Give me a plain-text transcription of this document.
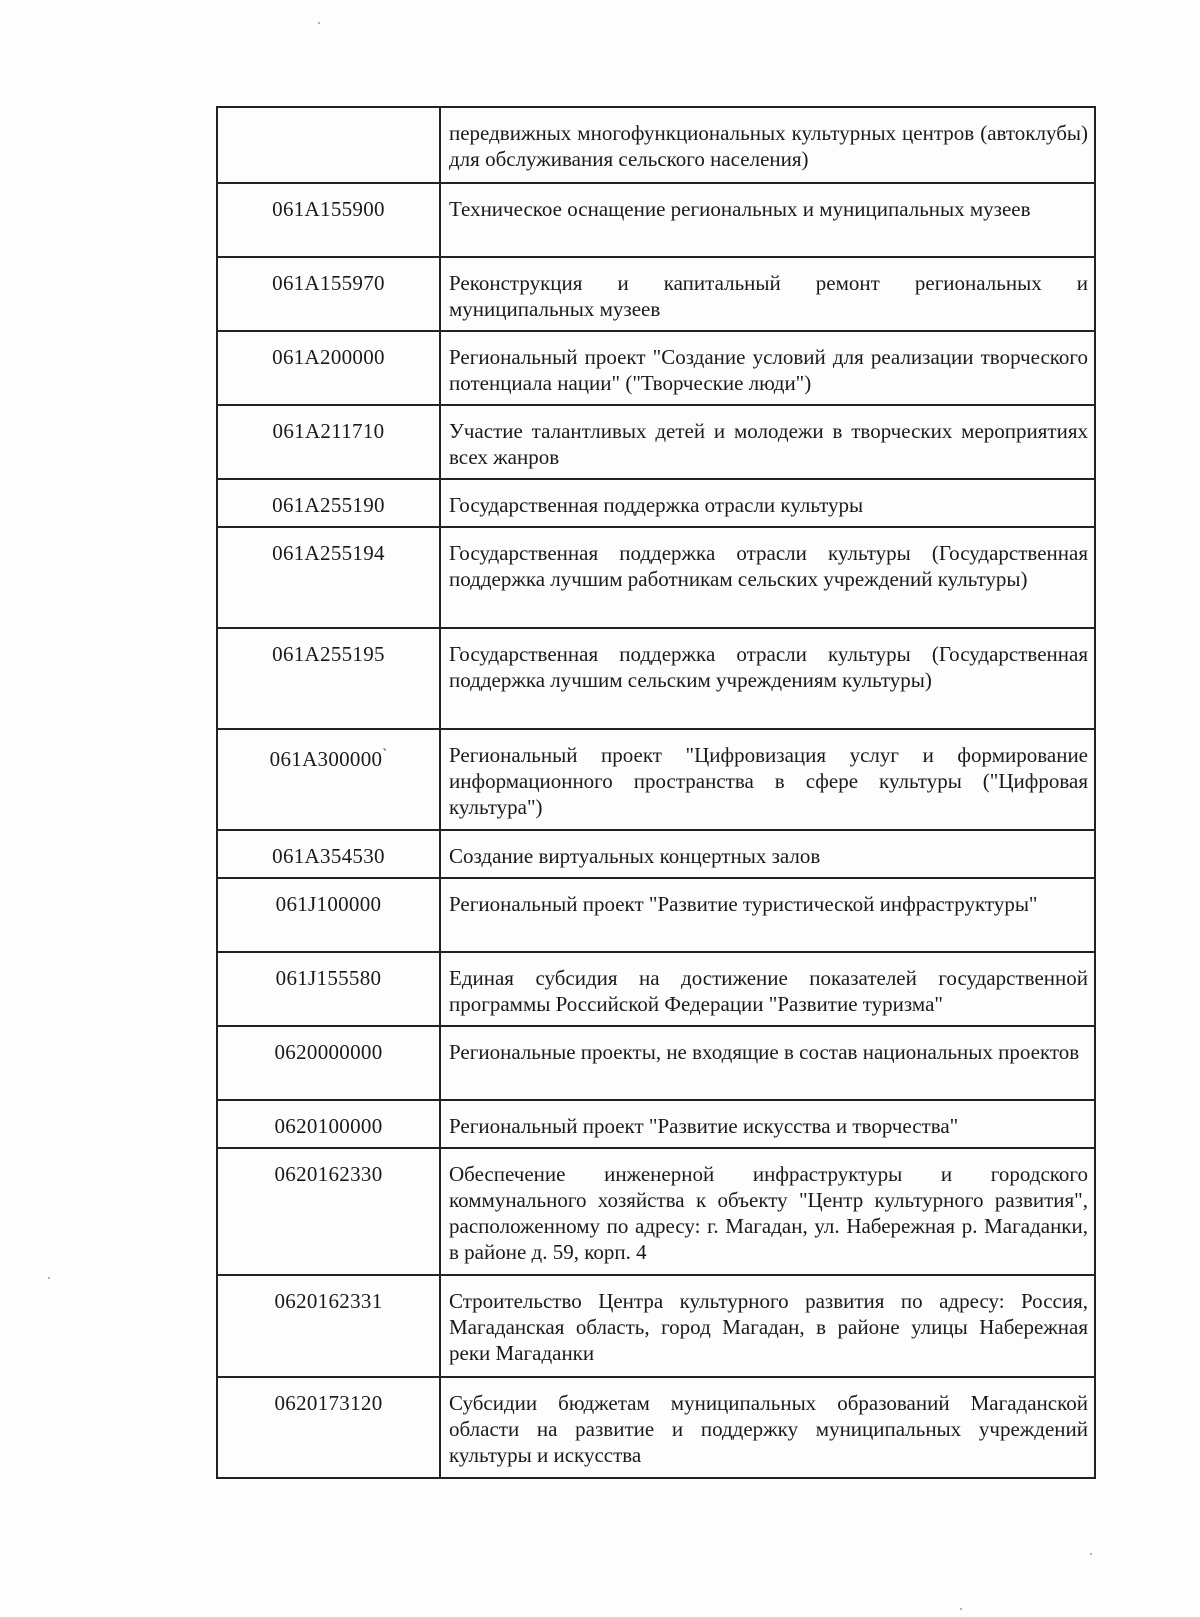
	передвижных многофункциональных культурных центров (автоклубы) для обслуживания сельского населения)
061A155900	Техническое оснащение региональных и муниципальных музеев
061A155970	Реконструкция и капитальный ремонт региональных и муниципальных музеев
061A200000	Региональный проект "Создание условий для реализации творческого потенциала нации" ("Творческие люди")
061A211710	Участие талантливых детей и молодежи в творческих мероприятиях всех жанров
061A255190	Государственная поддержка отрасли культуры
061A255194	Государственная поддержка отрасли культуры (Государственная поддержка лучшим работникам сельских учреждений культуры)
061A255195	Государственная поддержка отрасли культуры (Государственная поддержка лучшим сельским учреждениям культуры)
061A300000`	Региональный проект "Цифровизация услуг и формирование информационного пространства в сфере культуры ("Цифровая культура")
061A354530	Создание виртуальных концертных залов
061J100000	Региональный проект "Развитие туристической инфраструктуры"
061J155580	Единая субсидия на достижение показателей государственной программы Российской Федерации "Развитие туризма"
0620000000	Региональные проекты, не входящие в состав национальных проектов
0620100000	Региональный проект "Развитие искусства и творчества"
0620162330	Обеспечение инженерной инфраструктуры и городского коммунального хозяйства к объекту "Центр культурного развития", расположенному по адресу: г. Магадан, ул. Набережная р. Магаданки, в районе д. 59, корп. 4
0620162331	Строительство Центра культурного развития по адресу: Россия, Магаданская область, город Магадан, в районе улицы Набережная реки Магаданки
0620173120	Субсидии бюджетам муниципальных образований Магаданской области на развитие и поддержку муниципальных учреждений культуры и искусства
